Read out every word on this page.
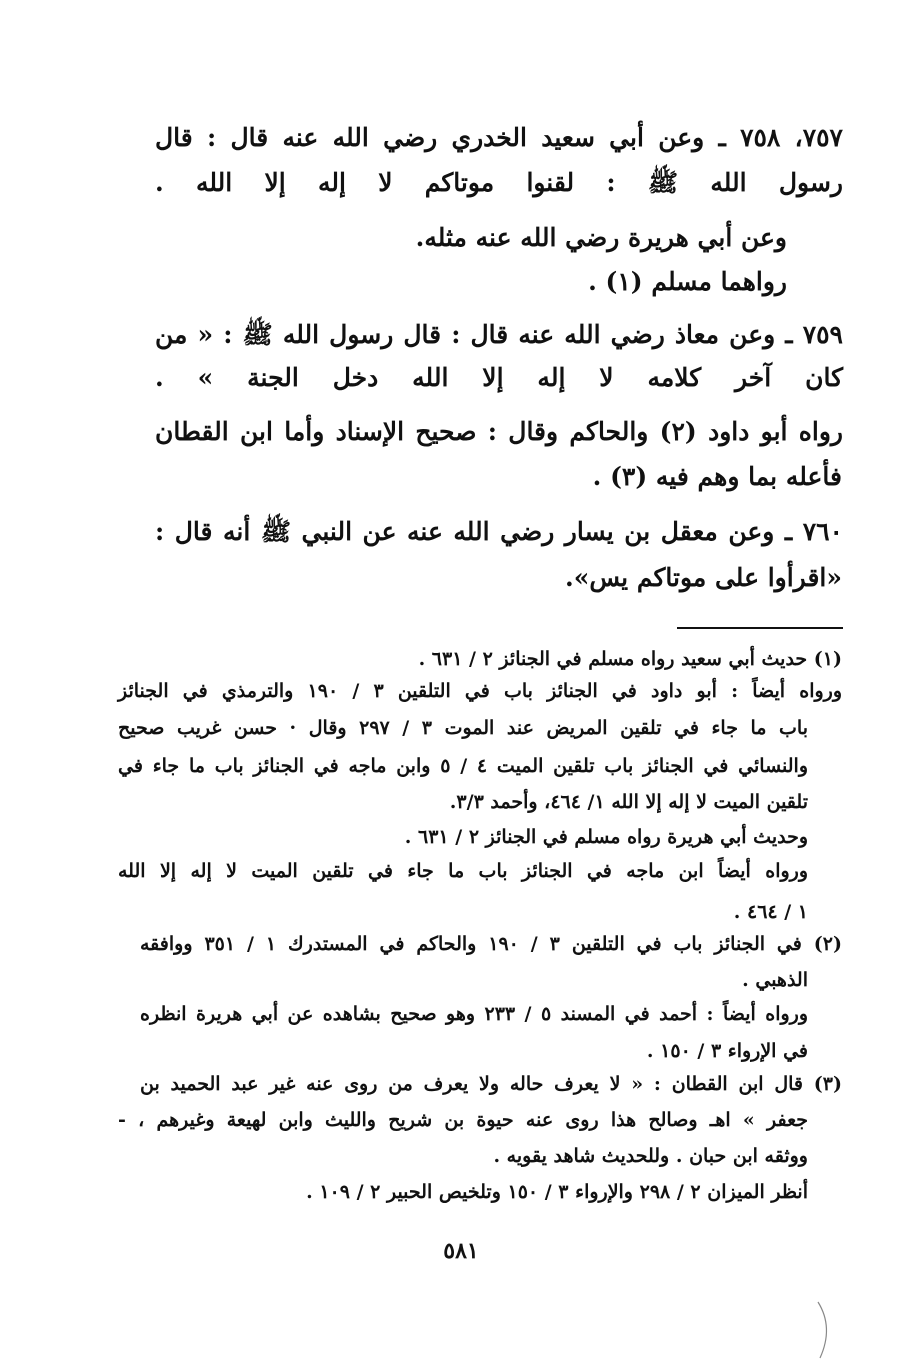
٧٥٧، ٧٥٨ ـ وعن أبي سعيد الخدري رضي الله عنه قال : قال
رسول الله ﷺ : لقنوا موتاكم لا إله إلا الله .
وعن أبي هريرة رضي الله عنه مثله.
رواهما مسلم (١) .
٧٥٩ ـ وعن معاذ رضي الله عنه قال : قال رسول الله ﷺ : « من
كان آخر كلامه لا إله إلا الله دخل الجنة » .
رواه أبو داود (٢) والحاكم وقال : صحيح الإسناد وأما ابن القطان
فأعله بما وهم فيه (٣) .
٧٦٠ ـ وعن معقل بن يسار رضي الله عنه عن النبي ﷺ أنه قال :
«اقرأوا على موتاكم يس».
(١) حديث أبي سعيد رواه مسلم في الجنائز ٢ / ٦٣١ .
ورواه أيضاً : أبو داود في الجنائز باب في التلقين ٣ / ١٩٠ والترمذي في الجنائز
باب ما جاء في تلقين المريض عند الموت ٣ / ٢٩٧ وقال · حسن غريب صحيح
والنسائي في الجنائز باب تلقين الميت ٤ / ٥ وابن ماجه في الجنائز باب ما جاء في
تلقين الميت لا إله إلا الله ١/ ٤٦٤، وأحمد ٣/٣.
وحديث أبي هريرة رواه مسلم في الجنائز ٢ / ٦٣١ .
ورواه أيضاً ابن ماجه في الجنائز باب ما جاء في تلقين الميت لا إله إلا الله
١ / ٤٦٤ .
(٢) في الجنائز باب في التلقين ٣ / ١٩٠ والحاكم في المستدرك ١ / ٣٥١ ووافقه
الذهبي .
ورواه أيضاً : أحمد في المسند ٥ / ٢٣٣ وهو صحيح بشاهده عن أبي هريرة انظره
في الإرواء ٣ / ١٥٠ .
(٣) قال ابن القطان : « لا يعرف حاله ولا يعرف من روى عنه غير عبد الحميد بن
جعفر » اهـ وصالح هذا روى عنه حيوة بن شريح والليث وابن لهيعة وغيرهم ، -
ووثقه ابن حبان . وللحديث شاهد يقويه .
أنظر الميزان ٢ / ٢٩٨ والإرواء ٣ / ١٥٠ وتلخيص الحبير ٢ / ١٠٩ .
٥٨١
